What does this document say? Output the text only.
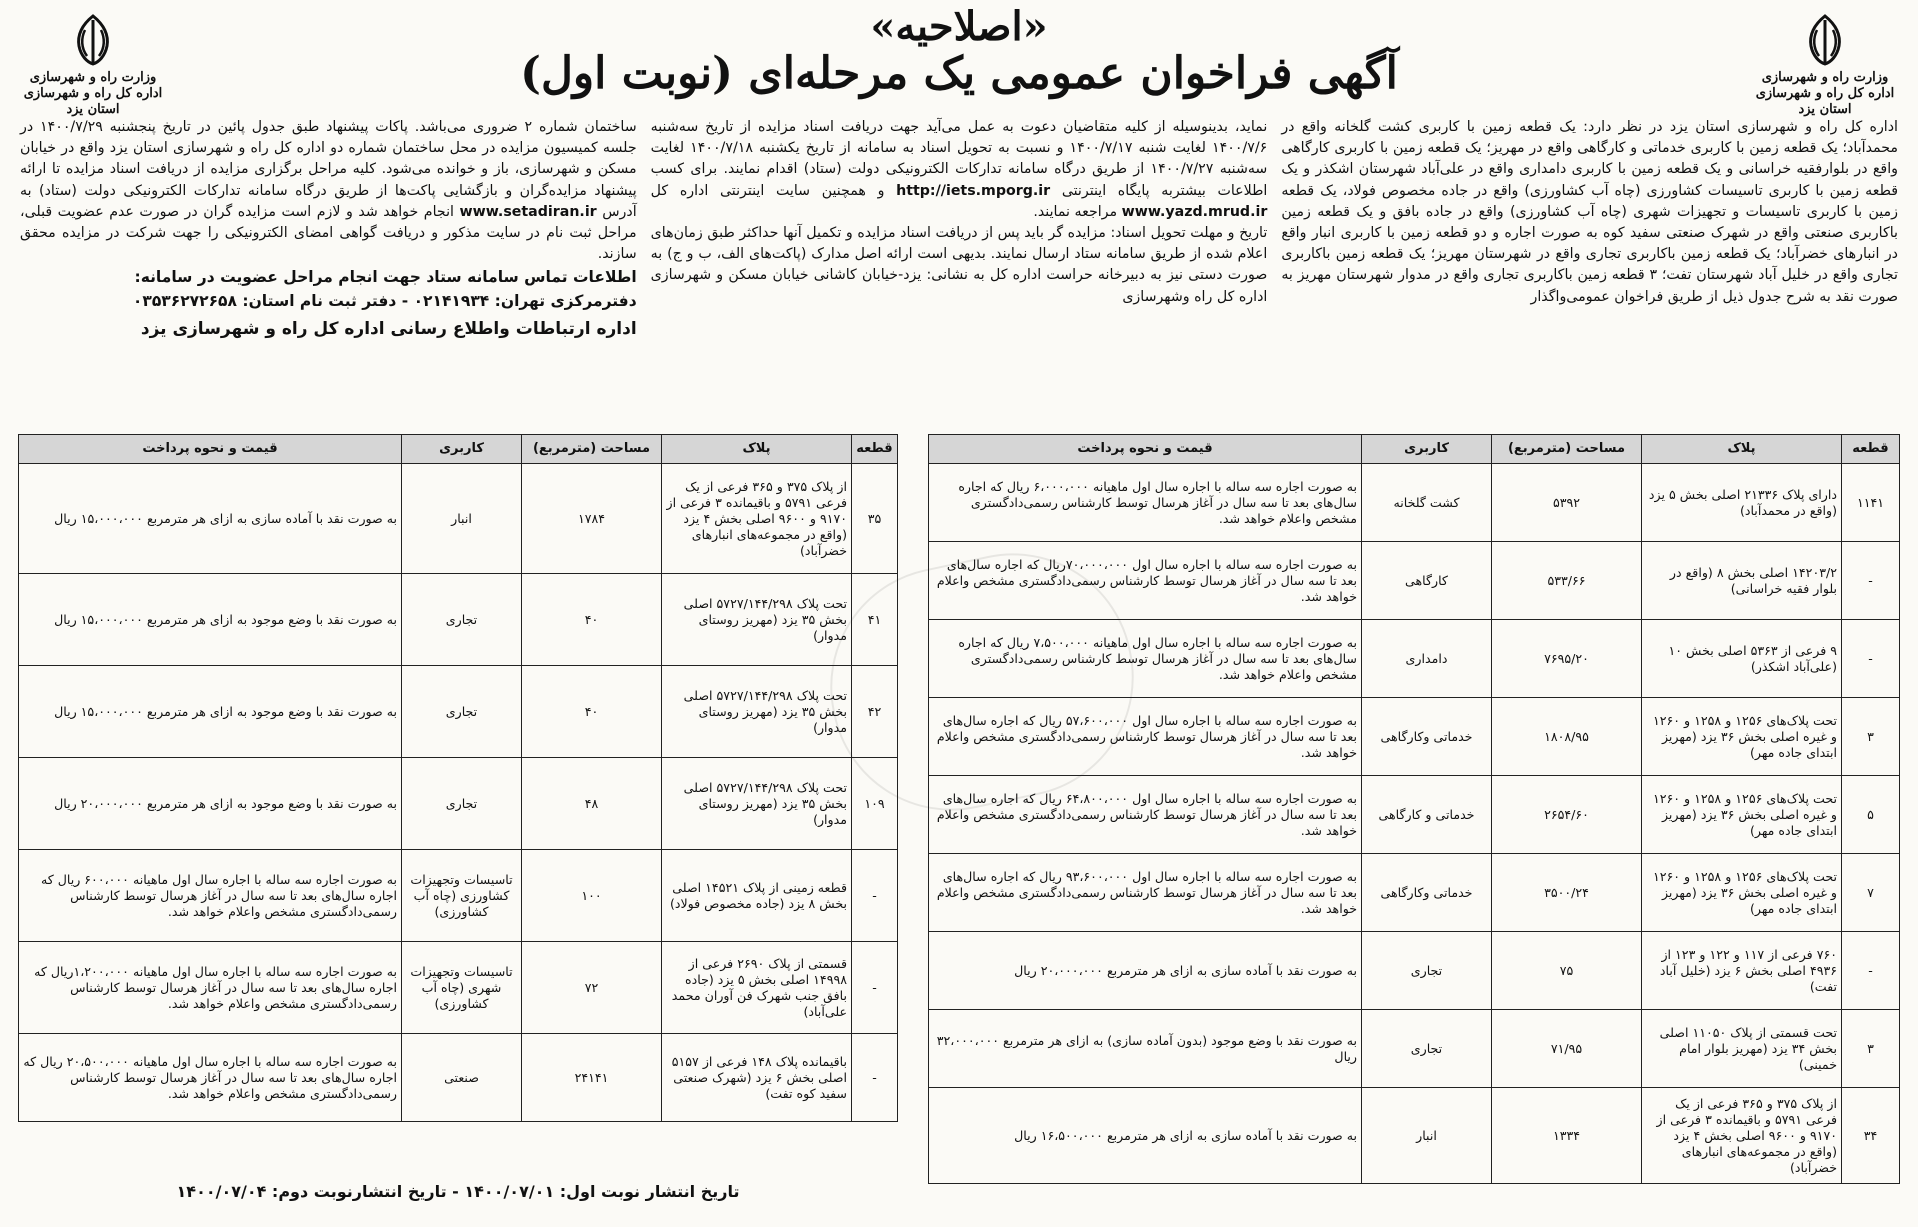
وزارت راه و شهرسازی
اداره کل راه و شهرسازی استان یزد
وزارت راه و شهرسازی
اداره کل راه و شهرسازی استان یزد
«اصلاحیه»
آگهی فراخوان عمومی یک مرحله‌ای (نوبت اول)

اداره کل راه و شهرسازی استان یزد در نظر دارد: یک قطعه زمین با کاربری کشت گلخانه واقع در محمدآباد؛ یک قطعه زمین با کاربری خدماتی و کارگاهی واقع در مهریز؛ یک قطعه زمین با کاربری کارگاهی واقع در بلوارفقیه خراسانی و یک قطعه زمین با کاربری دامداری واقع در علی‌آباد شهرستان اشکذر و یک قطعه زمین با کاربری تاسیسات کشاورزی (چاه آب کشاورزی) واقع در جاده مخصوص فولاد، یک قطعه زمین با کاربری تاسیسات و تجهیزات شهری (چاه آب کشاورزی) واقع در جاده بافق و یک قطعه زمین باکاربری صنعتی واقع در شهرک صنعتی سفید کوه به صورت اجاره و دو قطعه زمین با کاربری انبار واقع در انبارهای خضرآباد؛ یک قطعه زمین باکاربری تجاری واقع در شهرستان مهریز؛ یک قطعه زمین باکاربری تجاری واقع در خلیل آباد شهرستان تفت؛ ۳ قطعه زمین باکاربری تجاری واقع در مدوار شهرستان مهریز به صورت نقد به شرح جدول ذیل از طریق فراخوان عمومی‌واگذار

نماید، بدینوسیله از کلیه متقاضیان دعوت به عمل می‌آید جهت دریافت اسناد مزایده از تاریخ سه‌شنبه ۱۴۰۰/۷/۶ لغایت شنبه ۱۴۰۰/۷/۱۷ و نسبت به تحویل اسناد به سامانه از تاریخ یکشنبه ۱۴۰۰/۷/۱۸ لغایت سه‌شنبه ۱۴۰۰/۷/۲۷ از طریق درگاه سامانه تدارکات الکترونیکی دولت (ستاد) اقدام نمایند. برای کسب اطلاعات بیشتربه پایگاه اینترنتی http://iets.mporg.ir و همچنین سایت اینترنتی اداره کل www.yazd.mrud.ir مراجعه نمایند.

تاریخ و مهلت تحویل اسناد: مزایده گر باید پس از دریافت اسناد مزایده و تکمیل آنها حداکثر طبق زمان‌های اعلام شده از طریق سامانه ستاد ارسال نمایند. بدیهی است ارائه اصل مدارک (پاکت‌های الف، ب و ج) به صورت دستی نیز به دبیرخانه حراست اداره کل به نشانی: یزد-خیابان کاشانی خیابان مسکن و شهرسازی اداره کل راه وشهرسازی

ساختمان شماره ۲ ضروری می‌باشد. پاکات پیشنهاد طبق جدول پائین در تاریخ پنجشنبه ۱۴۰۰/۷/۲۹ در جلسه کمیسیون مزایده در محل ساختمان شماره دو اداره کل راه و شهرسازی استان یزد واقع در خیابان مسکن و شهرسازی، باز و خوانده می‌شود. کلیه مراحل برگزاری مزایده از دریافت اسناد مزایده تا ارائه پیشنهاد مزایده‌گران و بازگشایی پاکت‌ها از طریق درگاه سامانه تدارکات الکترونیکی دولت (ستاد) به آدرس www.setadiran.ir انجام خواهد شد و لازم است مزایده گران در صورت عدم عضویت قبلی، مراحل ثبت نام در سایت مذکور و دریافت گواهی امضای الکترونیکی را جهت شرکت در مزایده محقق سازند.

اطلاعات تماس سامانه ستاد جهت انجام مراحل عضویت در سامانه:
دفترمرکزی تهران: ۰۲۱۴۱۹۳۴ - دفتر ثبت نام استان: ۰۳۵۳۶۲۷۲۶۵۸
اداره ارتباطات واطلاع رسانی اداره کل راه و شهرسازی یزد
قطعه	پلاک	مساحت (مترمربع)	کاربری	قیمت و نحوه پرداخت
۱۱۴۱	دارای پلاک ۲۱۳۳۶ اصلی بخش ۵ یزد (واقع در محمدآباد)	۵۳۹۲	کشت گلخانه	به صورت اجاره سه ساله با اجاره سال اول ماهیانه ۶،۰۰۰،۰۰۰ ریال که اجاره سال‌های بعد تا سه سال در آغاز هرسال توسط کارشناس رسمی‌دادگستری مشخص واعلام خواهد شد.
-	۱۴۲۰۳/۲ اصلی بخش ۸ (واقع در بلوار فقیه خراسانی)	۵۳۳/۶۶	کارگاهی	به صورت اجاره سه ساله با اجاره سال اول ۷۰،۰۰۰،۰۰۰ریال که اجاره سال‌های بعد تا سه سال در آغاز هرسال توسط کارشناس رسمی‌دادگستری مشخص واعلام خواهد شد.
-	۹ فرعی از ۵۳۶۳ اصلی بخش ۱۰ (علی‌آباد اشکذر)	۷۶۹۵/۲۰	دامداری	به صورت اجاره سه ساله با اجاره سال اول ماهیانه ۷،۵۰۰،۰۰۰ ریال که اجاره سال‌های بعد تا سه سال در آغاز هرسال توسط کارشناس رسمی‌دادگستری مشخص واعلام خواهد شد.
۳	تحت پلاک‌های ۱۲۵۶ و ۱۲۵۸ و ۱۲۶۰ و غیره اصلی بخش ۳۶ یزد (مهریز ابتدای جاده مهر)	۱۸۰۸/۹۵	خدماتی وکارگاهی	به صورت اجاره سه ساله با اجاره سال اول ۵۷،۶۰۰،۰۰۰ ریال که اجاره سال‌های بعد تا سه سال در آغاز هرسال توسط کارشناس رسمی‌دادگستری مشخص واعلام خواهد شد.
۵	تحت پلاک‌های ۱۲۵۶ و ۱۲۵۸ و ۱۲۶۰ و غیره اصلی بخش ۳۶ یزد (مهریز ابتدای جاده مهر)	۲۶۵۴/۶۰	خدماتی و کارگاهی	به صورت اجاره سه ساله با اجاره سال اول ۶۴،۸۰۰،۰۰۰ ریال که اجاره سال‌های بعد تا سه سال در آغاز هرسال توسط کارشناس رسمی‌دادگستری مشخص واعلام خواهد شد.
۷	تحت پلاک‌های ۱۲۵۶ و ۱۲۵۸ و ۱۲۶۰ و غیره اصلی بخش ۳۶ یزد (مهریز ابتدای جاده مهر)	۳۵۰۰/۲۴	خدماتی وکارگاهی	به صورت اجاره سه ساله با اجاره سال اول ۹۳،۶۰۰،۰۰۰ ریال که اجاره سال‌های بعد تا سه سال در آغاز هرسال توسط کارشناس رسمی‌دادگستری مشخص واعلام خواهد شد.
-	۷۶۰ فرعی از ۱۱۷ و ۱۲۲ و ۱۲۳ از ۴۹۳۶ اصلی بخش ۶ یزد (خلیل آباد تفت)	۷۵	تجاری	به صورت نقد با آماده سازی به ازای هر مترمربع ۲۰،۰۰۰،۰۰۰ ریال
۳	تحت قسمتی از پلاک ۱۱۰۵۰ اصلی بخش ۳۴ یزد (مهریز بلوار امام خمینی)	۷۱/۹۵	تجاری	به صورت نقد با وضع موجود (بدون آماده سازی) به ازای هر مترمربع ۳۲،۰۰۰،۰۰۰ ریال
۳۴	از پلاک ۳۷۵ و ۳۶۵ فرعی از یک فرعی ۵۷۹۱ و باقیمانده ۳ فرعی از ۹۱۷۰ و ۹۶۰۰ اصلی بخش ۴ یزد (واقع در مجموعه‌های انبارهای خضرآباد)	۱۳۳۴	انبار	به صورت نقد با آماده سازی به ازای هر مترمربع ۱۶،۵۰۰،۰۰۰ ریال
قطعه	پلاک	مساحت (مترمربع)	کاربری	قیمت و نحوه پرداخت
۳۵	از پلاک ۳۷۵ و ۳۶۵ فرعی از یک فرعی ۵۷۹۱ و باقیمانده ۳ فرعی از ۹۱۷۰ و ۹۶۰۰ اصلی بخش ۴ یزد (واقع در مجموعه‌های انبارهای خضرآباد)	۱۷۸۴	انبار	به صورت نقد با آماده سازی به ازای هر مترمربع ۱۵،۰۰۰،۰۰۰ ریال
۴۱	تحت پلاک ۵۷۲۷/۱۴۴/۲۹۸ اصلی بخش ۳۵ یزد (مهریز روستای مدوار)	۴۰	تجاری	به صورت نقد با وضع موجود به ازای هر مترمربع ۱۵،۰۰۰،۰۰۰ ریال
۴۲	تحت پلاک ۵۷۲۷/۱۴۴/۲۹۸ اصلی بخش ۳۵ یزد (مهریز روستای مدوار)	۴۰	تجاری	به صورت نقد با وضع موجود به ازای هر مترمربع ۱۵،۰۰۰،۰۰۰ ریال
۱۰۹	تحت پلاک ۵۷۲۷/۱۴۴/۲۹۸ اصلی بخش ۳۵ یزد (مهریز روستای مدوار)	۴۸	تجاری	به صورت نقد با وضع موجود به ازای هر مترمربع ۲۰،۰۰۰،۰۰۰ ریال
-	قطعه زمینی از پلاک ۱۴۵۲۱ اصلی بخش ۸ یزد (جاده مخصوص فولاد)	۱۰۰	تاسیسات وتجهیزات کشاورزی (چاه آب کشاورزی)	به صورت اجاره سه ساله با اجاره سال اول ماهیانه ۶۰۰،۰۰۰ ریال که اجاره سال‌های بعد تا سه سال در آغاز هرسال توسط کارشناس رسمی‌دادگستری مشخص واعلام خواهد شد.
-	قسمتی از پلاک ۲۶۹۰ فرعی از ۱۴۹۹۸ اصلی بخش ۵ یزد (جاده بافق جنب شهرک فن آوران محمد علی‌آباد)	۷۲	تاسیسات وتجهیزات شهری (چاه آب کشاورزی)	به صورت اجاره سه ساله با اجاره سال اول ماهیانه ۱،۲۰۰،۰۰۰ریال که اجاره سال‌های بعد تا سه سال در آغاز هرسال توسط کارشناس رسمی‌دادگستری مشخص واعلام خواهد شد.
-	باقیمانده پلاک ۱۴۸ فرعی از ۵۱۵۷ اصلی بخش ۶ یزد (شهرک صنعتی سفید کوه تفت)	۲۴۱۴۱	صنعتی	به صورت اجاره سه ساله با اجاره سال اول ماهیانه ۲۰،۵۰۰،۰۰۰ ریال که اجاره سال‌های بعد تا سه سال در آغاز هرسال توسط کارشناس رسمی‌دادگستری مشخص واعلام خواهد شد.
تاریخ انتشار نوبت اول: ۱۴۰۰/۰۷/۰۱ - تاریخ انتشارنوبت دوم: ۱۴۰۰/۰۷/۰۴
